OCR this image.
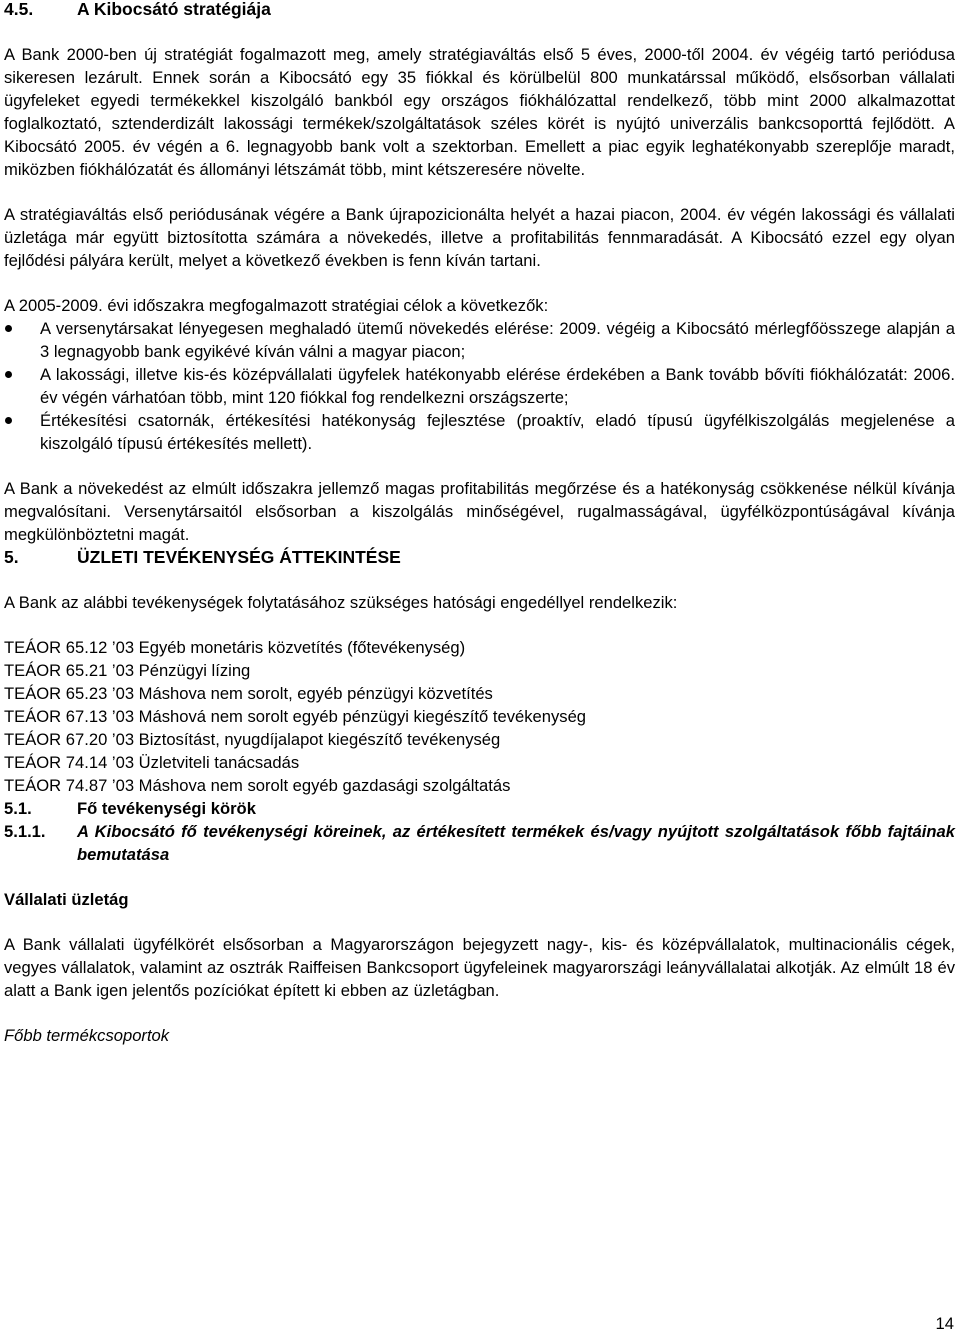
4.5.	A Kibocsátó stratégiája

A Bank 2000-ben új stratégiát fogalmazott meg, amely stratégiaváltás első 5 éves, 2000-től 2004. év végéig tartó periódusa sikeresen lezárult. Ennek során a Kibocsátó egy 35 fiókkal és körülbelül 800 munkatárssal működő, elsősorban vállalati ügyfeleket egyedi termékekkel kiszolgáló bankból egy országos fiókhálózattal rendelkező, több mint 2000 alkalmazottat foglalkoztató, sztenderdizált lakossági termékek/szolgáltatások széles körét is nyújtó univerzális bankcsoporttá fejlődött. A Kibocsátó 2005. év végén a 6. legnagyobb bank volt a szektorban. Emellett a piac egyik leghatékonyabb szereplője maradt, miközben fiókhálózatát és állományi létszámát több, mint kétszeresére növelte.

A stratégiaváltás első periódusának végére a Bank újrapozicionálta helyét a hazai piacon, 2004. év végén lakossági és vállalati üzletága már együtt biztosította számára a növekedés, illetve a profitabilitás fennmaradását. A Kibocsátó ezzel egy olyan fejlődési pályára került, melyet a következő években is fenn kíván tartani.

A 2005-2009. évi időszakra megfogalmazott stratégiai célok a következők:

A versenytársakat lényegesen meghaladó ütemű növekedés elérése: 2009. végéig a Kibocsátó mérlegfőösszege alapján a 3 legnagyobb bank egyikévé kíván válni a magyar piacon;
A lakossági, illetve kis-és középvállalati ügyfelek hatékonyabb elérése érdekében a Bank tovább bővíti fiókhálózatát: 2006. év végén várhatóan több, mint 120 fiókkal fog rendelkezni országszerte;
Értékesítési csatornák, értékesítési hatékonyság fejlesztése (proaktív, eladó típusú ügyfélkiszolgálás megjelenése a kiszolgáló típusú értékesítés mellett).

A Bank a növekedést az elmúlt időszakra jellemző magas profitabilitás megőrzése és a hatékonyság csökkenése nélkül kívánja megvalósítani. Versenytársaitól elsősorban a kiszolgálás minőségével, rugalmasságával, ügyfélközpontúságával kívánja megkülönböztetni magát.

5.	ÜZLETI TEVÉKENYSÉG ÁTTEKINTÉSE

A Bank az alábbi tevékenységek folytatásához szükséges hatósági engedéllyel rendelkezik:

TEÁOR 65.12 ’03 Egyéb monetáris közvetítés (főtevékenység)

TEÁOR 65.21 ’03 Pénzügyi lízing

TEÁOR 65.23 ’03 Máshova nem sorolt, egyéb pénzügyi közvetítés

TEÁOR 67.13 ’03 Máshová nem sorolt egyéb pénzügyi kiegészítő tevékenység

TEÁOR 67.20 ’03 Biztosítást, nyugdíjalapot kiegészítő tevékenység

TEÁOR 74.14 ’03 Üzletviteli tanácsadás

TEÁOR 74.87 ’03 Máshova nem sorolt egyéb gazdasági szolgáltatás

5.1.	Fő tevékenységi körök
5.1.1.	A Kibocsátó fő tevékenységi köreinek, az értékesített termékek és/vagy nyújtott szolgáltatások főbb fajtáinak bemutatása

Vállalati üzletág

A Bank vállalati ügyfélkörét elsősorban a Magyarországon bejegyzett nagy-, kis- és középvállalatok, multinacionális cégek, vegyes vállalatok, valamint az osztrák Raiffeisen Bankcsoport ügyfeleinek magyarországi leányvállalatai alkotják. Az elmúlt 18 év alatt a Bank igen jelentős pozíciókat épített ki ebben az üzletágban.

Főbb termékcsoportok

14
